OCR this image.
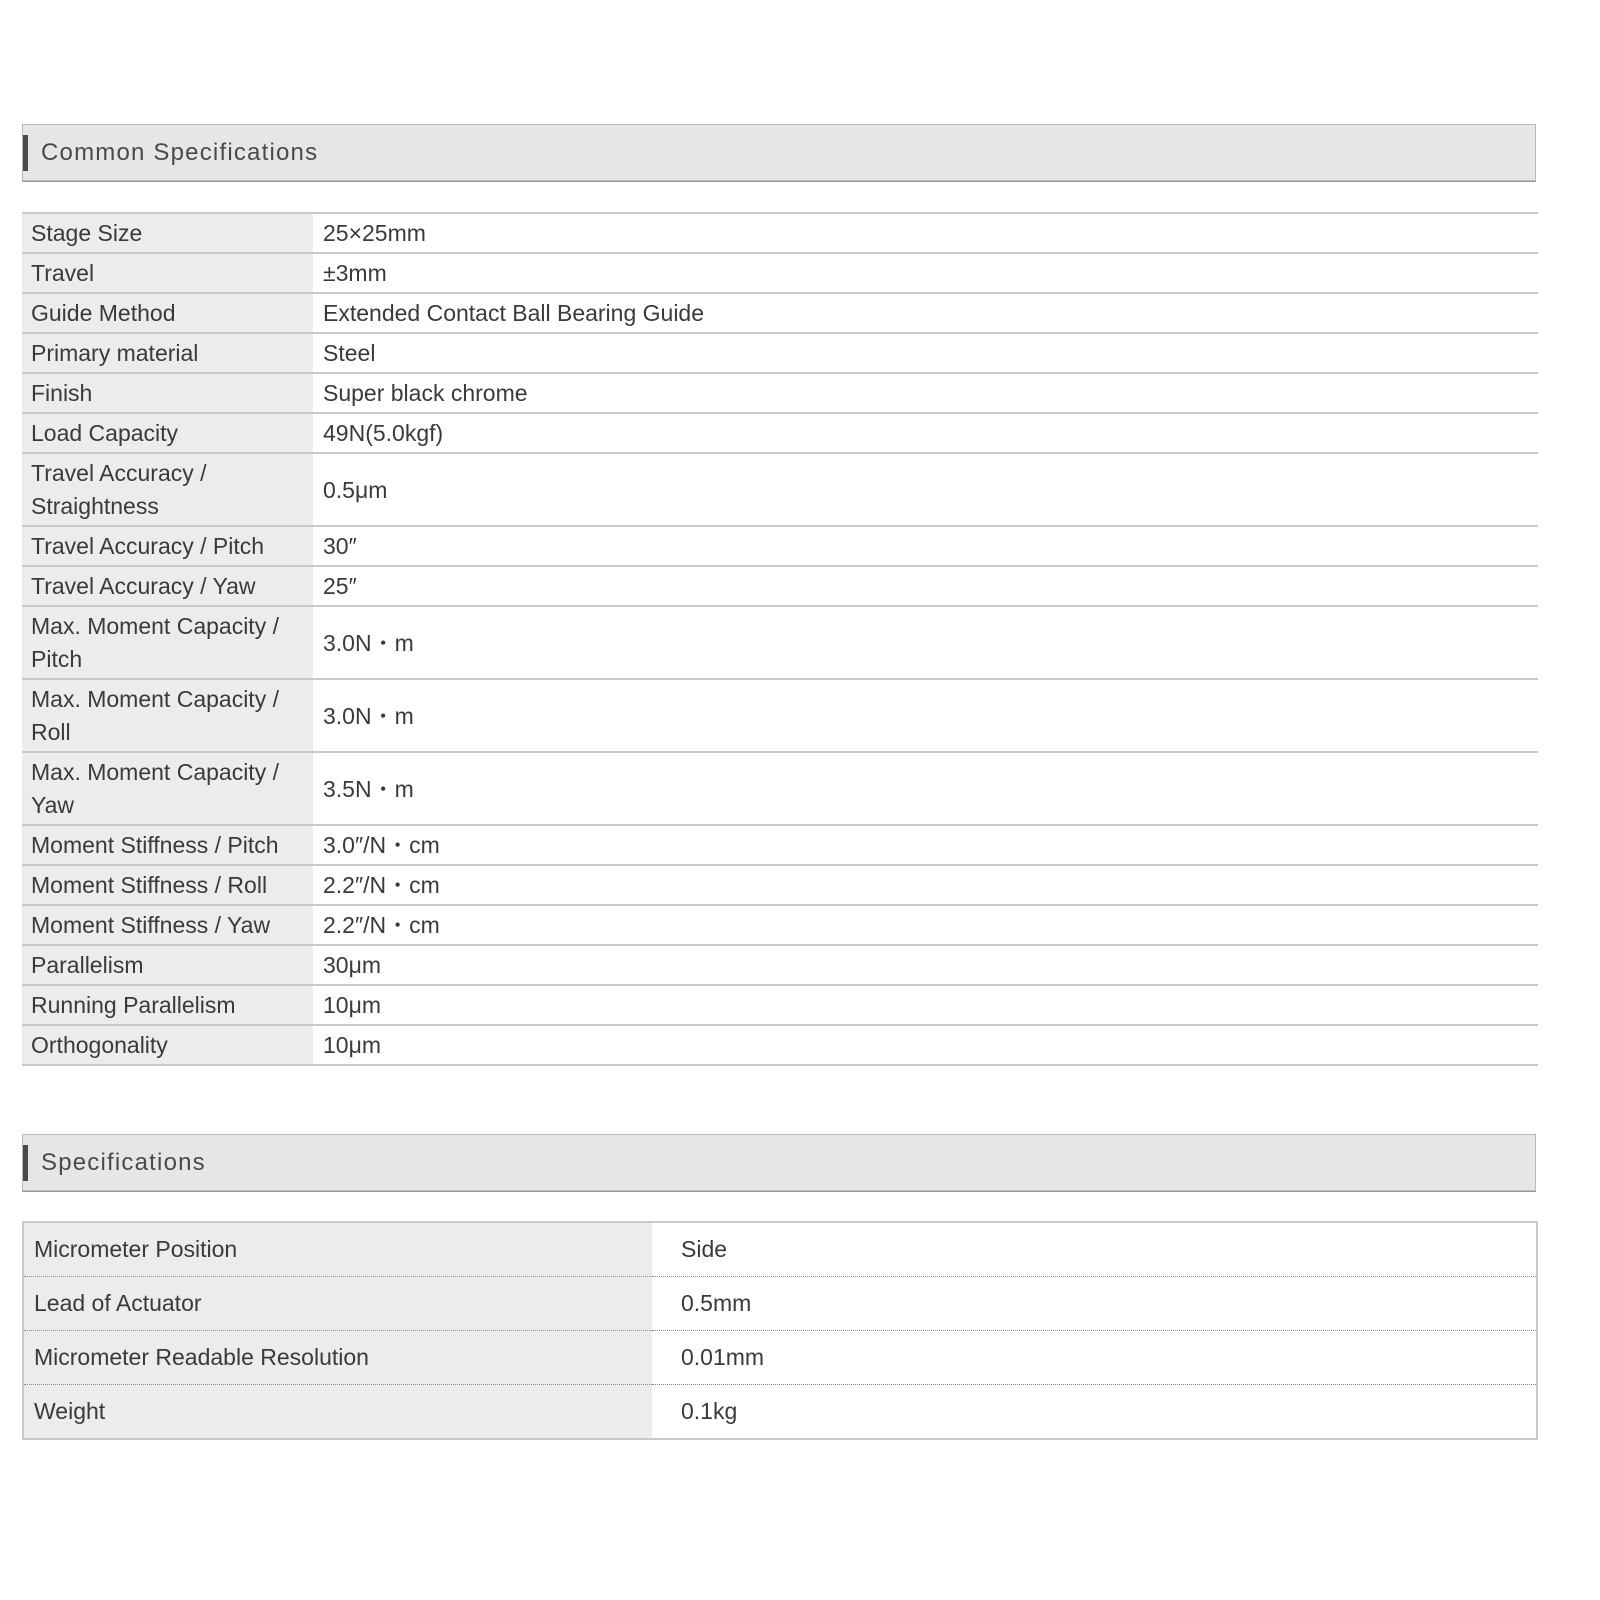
Common Specifications
Stage Size	25×25mm
Travel	±3mm
Guide Method	Extended Contact Ball Bearing Guide
Primary material	Steel
Finish	Super black chrome
Load Capacity	49N(5.0kgf)
Travel Accuracy / Straightness	0.5μm
Travel Accuracy / Pitch	30″
Travel Accuracy / Yaw	25″
Max. Moment Capacity / Pitch	3.0N・m
Max. Moment Capacity / Roll	3.0N・m
Max. Moment Capacity / Yaw	3.5N・m
Moment Stiffness / Pitch	3.0″/N・cm
Moment Stiffness / Roll	2.2″/N・cm
Moment Stiffness / Yaw	2.2″/N・cm
Parallelism	30μm
Running Parallelism	10μm
Orthogonality	10μm
Specifications
Micrometer Position	Side
Lead of Actuator	0.5mm
Micrometer Readable Resolution	0.01mm
Weight	0.1kg
